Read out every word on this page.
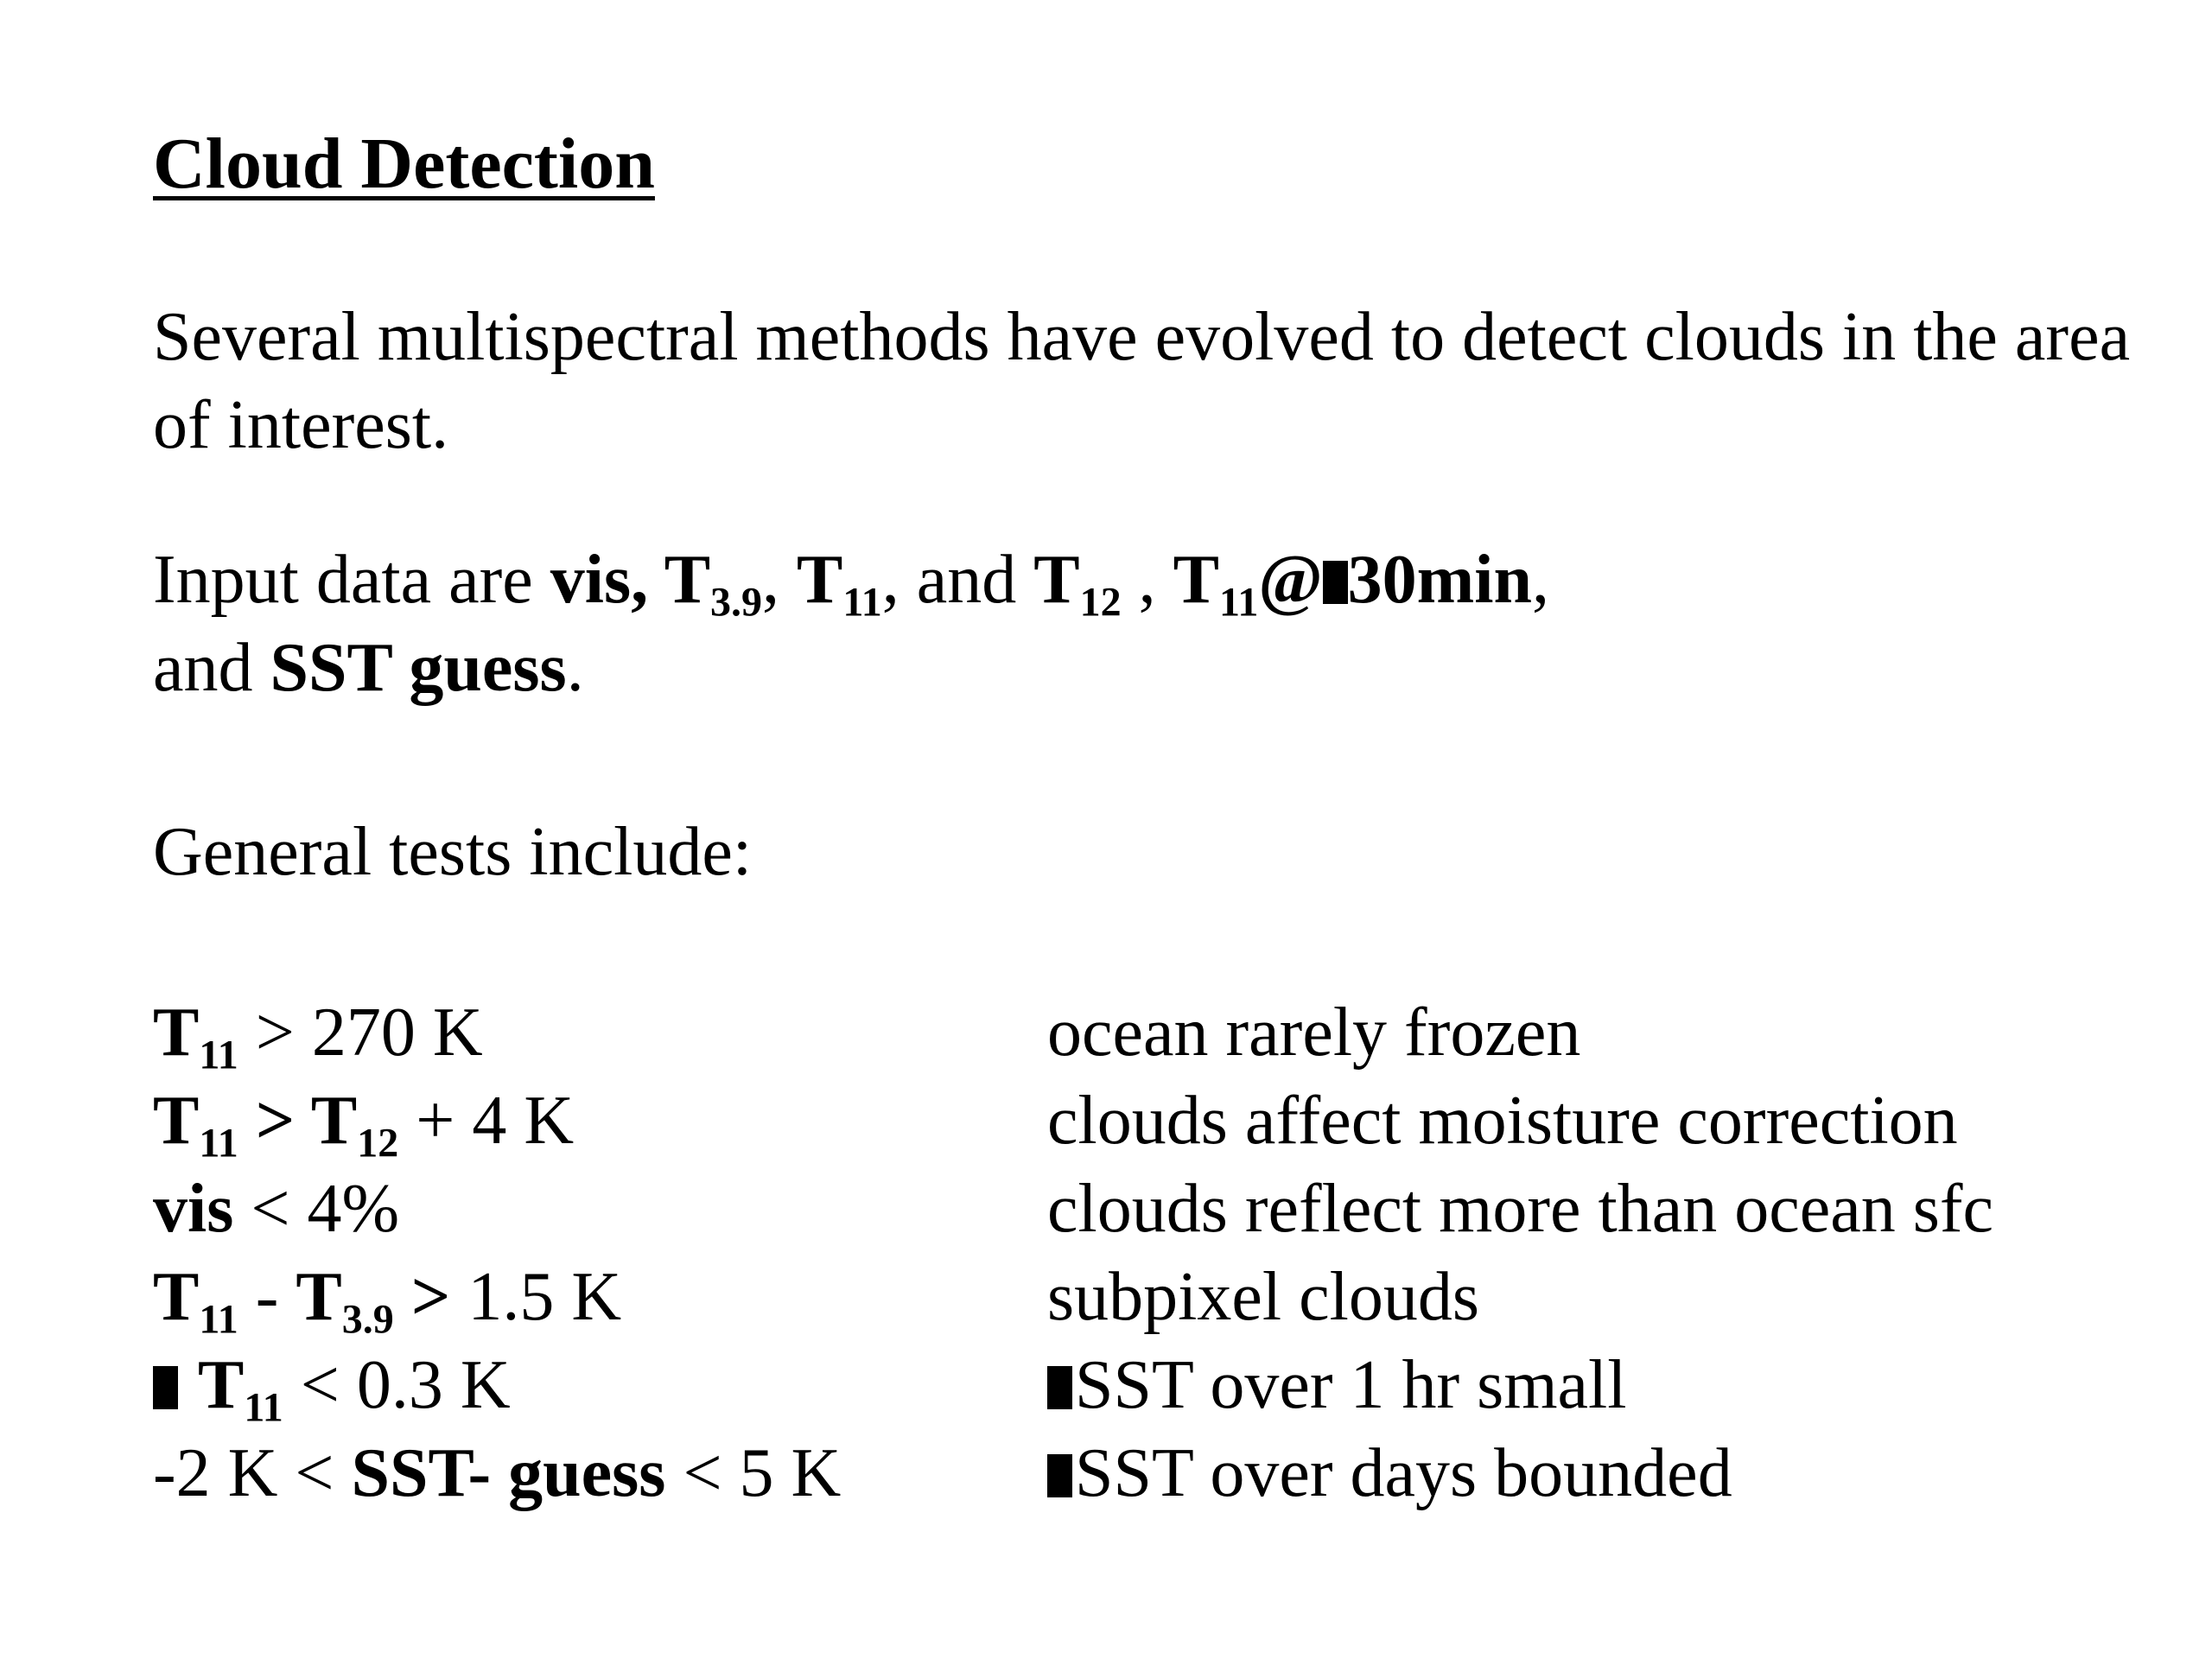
Cloud Detection

Several multispectral methods have evolved to detect clouds in the area of interest.

Input data are vis, $T_{3.9}$, $T_{11}$, and $T_{12}$ , $T_{11}@$ 30min,
and SST guess.

General tests include:

$T_{11} > 270$ K	ocean rarely frozen
$T_{11} > T_{12} + 4$ K	clouds affect moisture correction
vis < 4%	clouds reflect more than ocean sfc
$T_{11} - T_{3.9} > 1.5$ K	subpixel clouds
$T_{11} < 0.3$ K	SST over 1 hr small
-2 K < SST- guess < 5 K	SST over days bounded
